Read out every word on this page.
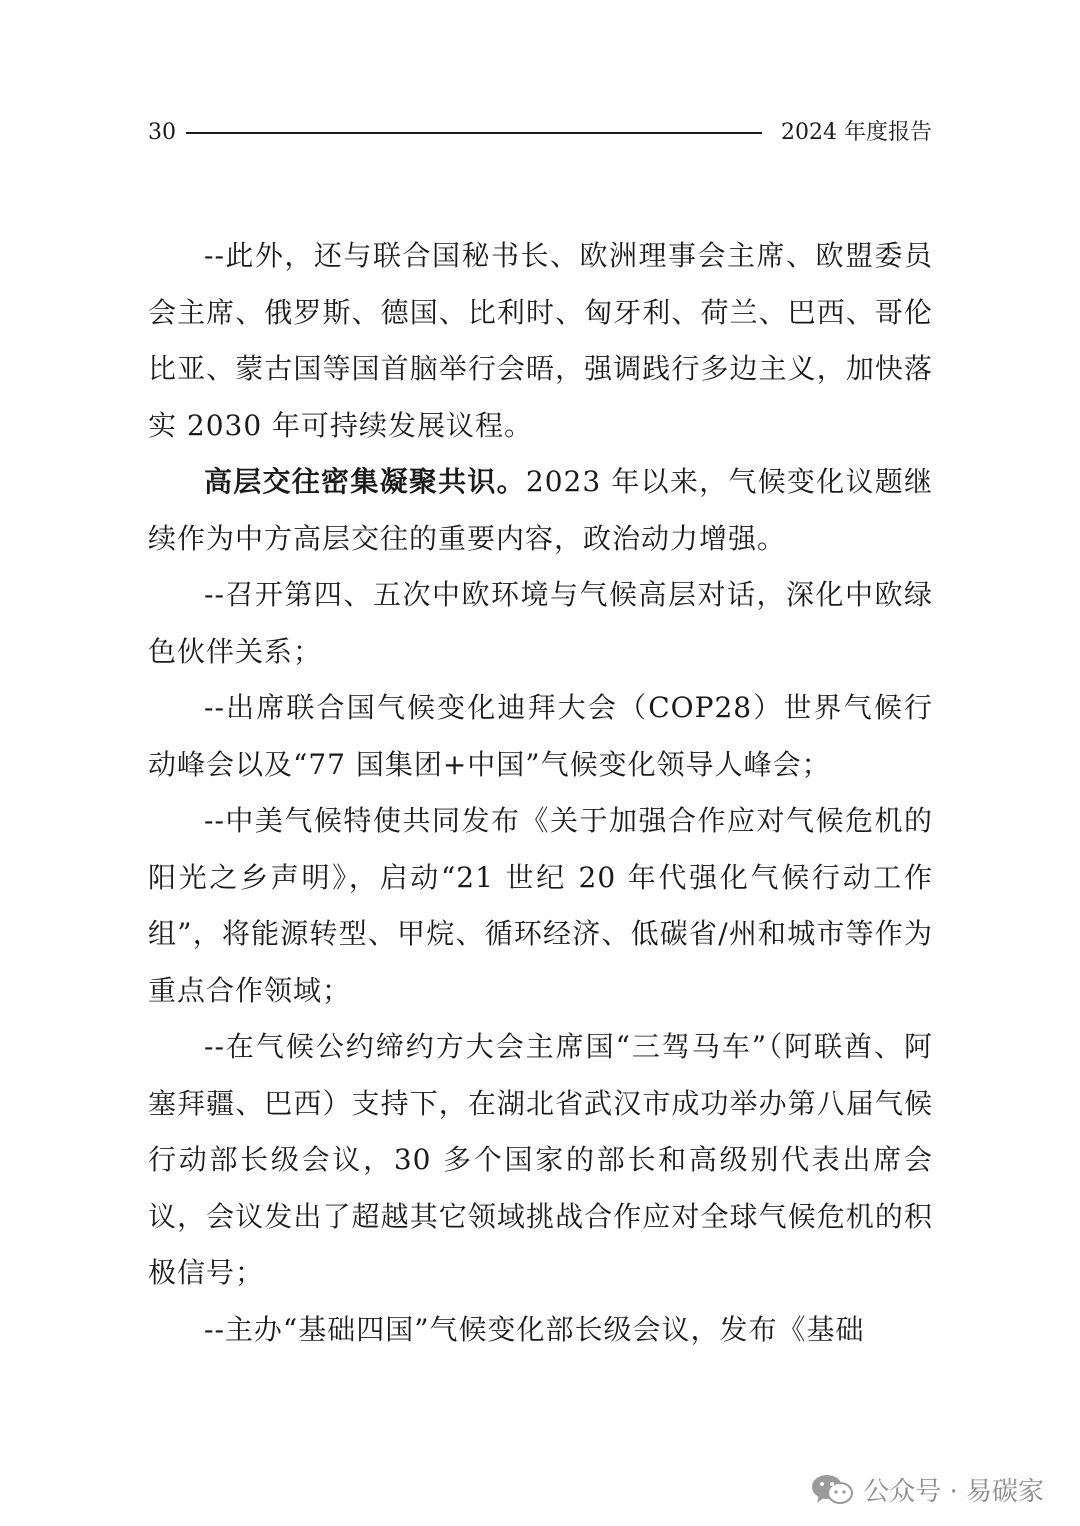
30	2024 年度报告

--此外，还与联合国秘书长、欧洲理事会主席、欧盟委员会主席、俄罗斯、德国、比利时、匈牙利、荷兰、巴西、哥伦比亚、蒙古国等国首脑举行会晤，强调践行多边主义，加快落实 2030 年可持续发展议程。

高层交往密集凝聚共识。2023 年以来，气候变化议题继续作为中方高层交往的重要内容，政治动力增强。

--召开第四、五次中欧环境与气候高层对话，深化中欧绿色伙伴关系；

--出席联合国气候变化迪拜大会（COP28）世界气候行动峰会以及“77 国集团+中国”气候变化领导人峰会；

--中美气候特使共同发布《关于加强合作应对气候危机的阳光之乡声明》，启动“21 世纪 20 年代强化气候行动工作组”，将能源转型、甲烷、循环经济、低碳省/州和城市等作为重点合作领域；

--在气候公约缔约方大会主席国“三驾马车”（阿联酋、阿塞拜疆、巴西）支持下，在湖北省武汉市成功举办第八届气候行动部长级会议，30 多个国家的部长和高级别代表出席会议，会议发出了超越其它领域挑战合作应对全球气候危机的积极信号；

--主办“基础四国”气候变化部长级会议，发布《基础

公众号 · 易碳家
